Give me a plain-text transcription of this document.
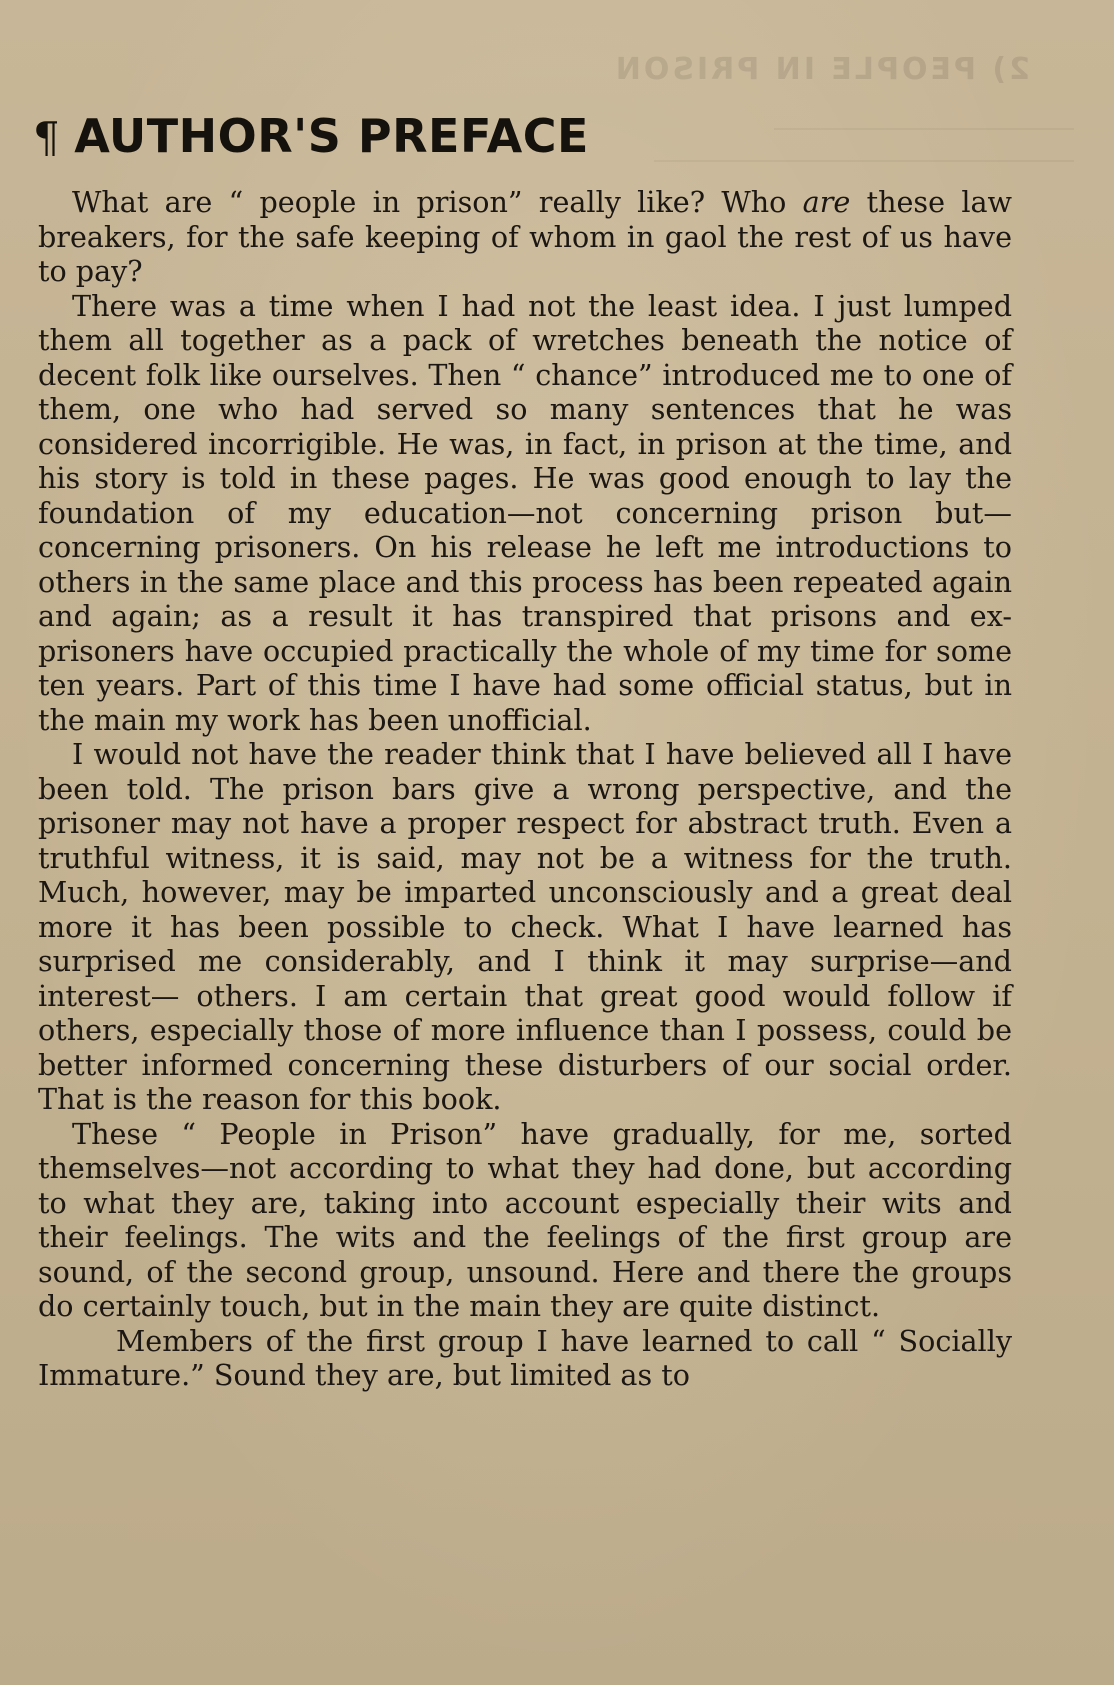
2) PEOPLE IN PRISON
¶ AUTHOR'S PREFACE

What are “ people in prison” really like? Who are these law breakers, for the safe keeping of whom in gaol the rest of us have to pay?

There was a time when I had not the least idea. I just lumped them all together as a pack of wretches beneath the notice of decent folk like ourselves. Then “ chance” introduced me to one of them, one who had served so many sentences that he was considered incorrigible. He was, in fact, in prison at the time, and his story is told in these pages. He was good enough to lay the foundation of my education—not concerning prison but—concerning prisoners. On his release he left me introductions to others in the same place and this process has been repeated again and again; as a result it has transpired that prisons and ex-prisoners have occupied practically the whole of my time for some ten years. Part of this time I have had some official status, but in the main my work has been unofficial.

I would not have the reader think that I have believed all I have been told. The prison bars give a wrong perspective, and the prisoner may not have a proper respect for abstract truth. Even a truthful witness, it is said, may not be a witness for the truth. Much, however, may be imparted unconsciously and a great deal more it has been possible to check. What I have learned has surprised me considerably, and I think it may surprise—and interest— others. I am certain that great good would follow if others, especially those of more influence than I possess, could be better informed concerning these disturbers of our social order. That is the reason for this book.

These “ People in Prison” have gradually, for me, sorted themselves—not according to what they had done, but according to what they are, taking into account especially their wits and their feelings. The wits and the feelings of the first group are sound, of the second group, unsound. Here and there the groups do certainly touch, but in the main they are quite distinct.

Members of the first group I have learned to call “ Socially Immature.” Sound they are, but limited as to
